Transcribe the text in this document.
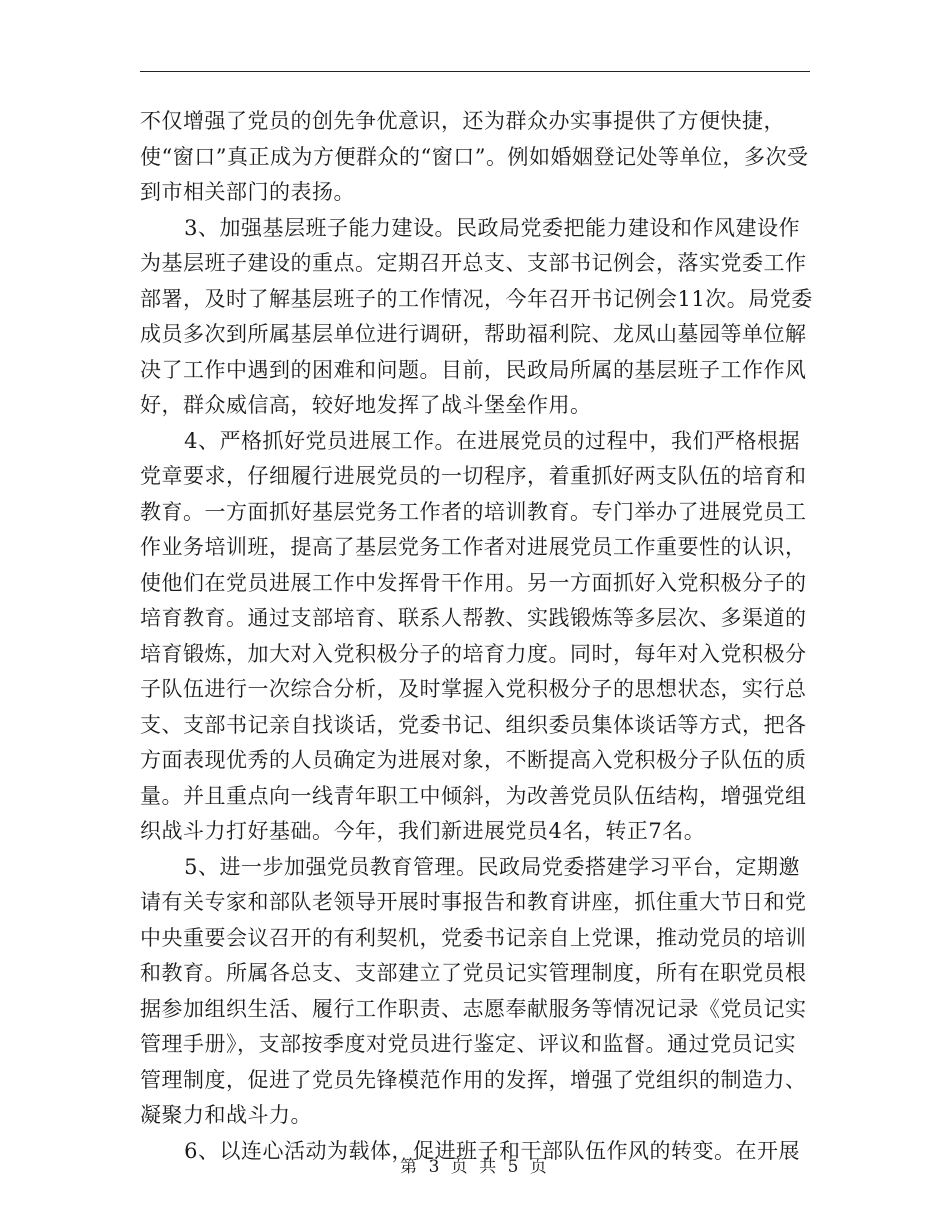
不仅增强了党员的创先争优意识，还为群众办实事提供了方便快捷，使“窗口”真正成为方便群众的“窗口”。例如婚姻登记处等单位，多次受到市相关部门的表扬。

3、加强基层班子能力建设。民政局党委把能力建设和作风建设作为基层班子建设的重点。定期召开总支、支部书记例会，落实党委工作部署，及时了解基层班子的工作情况，今年召开书记例会11次。局党委成员多次到所属基层单位进行调研，帮助福利院、龙凤山墓园等单位解决了工作中遇到的困难和问题。目前，民政局所属的基层班子工作作风好，群众威信高，较好地发挥了战斗堡垒作用。

4、严格抓好党员进展工作。在进展党员的过程中，我们严格根据党章要求，仔细履行进展党员的一切程序，着重抓好两支队伍的培育和教育。一方面抓好基层党务工作者的培训教育。专门举办了进展党员工作业务培训班，提高了基层党务工作者对进展党员工作重要性的认识，使他们在党员进展工作中发挥骨干作用。另一方面抓好入党积极分子的培育教育。通过支部培育、联系人帮教、实践锻炼等多层次、多渠道的培育锻炼，加大对入党积极分子的培育力度。同时，每年对入党积极分子队伍进行一次综合分析，及时掌握入党积极分子的思想状态，实行总支、支部书记亲自找谈话，党委书记、组织委员集体谈话等方式，把各方面表现优秀的人员确定为进展对象，不断提高入党积极分子队伍的质量。并且重点向一线青年职工中倾斜，为改善党员队伍结构，增强党组织战斗力打好基础。今年，我们新进展党员4名，转正7名。

5、进一步加强党员教育管理。民政局党委搭建学习平台，定期邀请有关专家和部队老领导开展时事报告和教育讲座，抓住重大节日和党中央重要会议召开的有利契机，党委书记亲自上党课，推动党员的培训和教育。所属各总支、支部建立了党员记实管理制度，所有在职党员根据参加组织生活、履行工作职责、志愿奉献服务等情况记录《党员记实管理手册》，支部按季度对党员进行鉴定、评议和监督。通过党员记实管理制度，促进了党员先锋模范作用的发挥，增强了党组织的制造力、凝聚力和战斗力。

6、以连心活动为载体，促进班子和干部队伍作风的转变。在开展

第 3 页 共 5 页
